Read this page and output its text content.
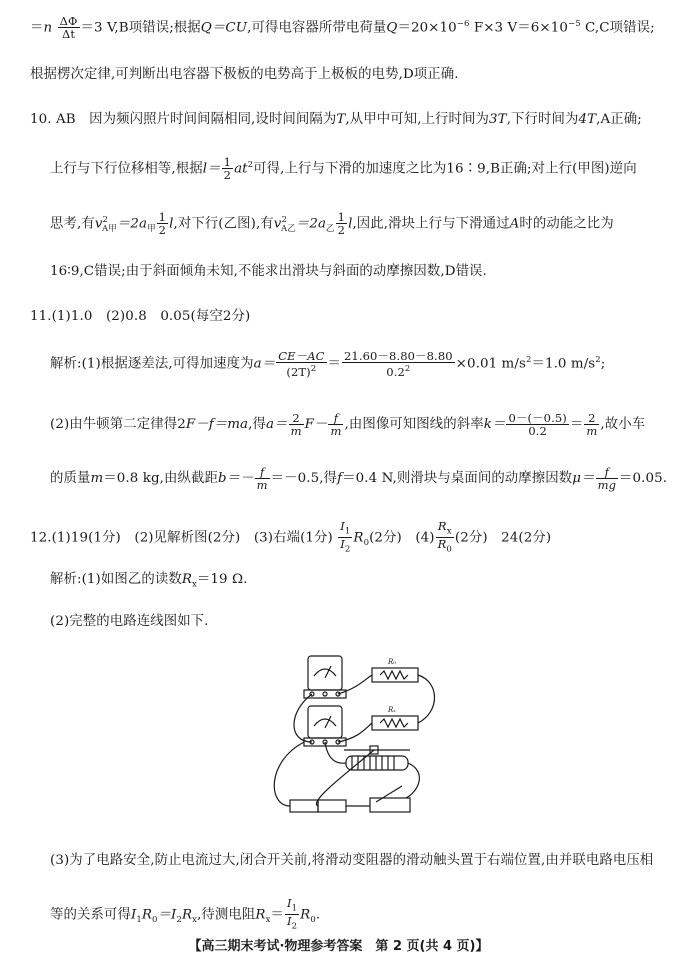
$=n \frac{\Delta\Phi}{\Delta t} =3$ V,B项错误;根据Q＝CU,可得电容器所带电荷量$Q=20\times 10^{-6}$ F×3 $V=6\times 10^{-5}$ C,C项错误;
根据楞次定律,可判断出电容器下极板的电势高于上极板的电势,D项正确.
10. AB　 因为频闪照片时间间隔相同,设时间间隔为T,从甲中可知,上行时间为3T,下行时间为4T,A正确;
上行与下行位移相等,根据$l= \frac{1}{2} at^2$可得,上行与下滑的加速度之比为16∶9,B正确;对上行(甲图)逆向
思考,有$v^2_{A甲}=2a_甲 \frac{1}{2} l$,对下行(乙图),有$v^2_{A乙}=2a_乙 \frac{1}{2} l$,因此,滑块上行与下滑通过A时的动能之比为
16∶9,C错误;由于斜面倾角未知,不能求出滑块与斜面的动摩擦因数,D错误.
11.(1)1.0　(2)0.8　0.05(每空2分)
解析:(1)根据逐差法,可得加速度为$a= \frac{CE-AC}{(2T)^2} = \frac{21.60-8.80-8.80}{0.2^2} \times 0.01$ $m/s^2=1.0$ $m/s^2$;
(2)由牛顿第二定律得2F－f＝ma,得$a= \frac{2}{m} F- \frac{f}{m}$ ,由图像可知图线的斜率$k= \frac{0-(-0.5)}{0.2} = \frac{2}{m}$ ,故小车
的质量m＝0.8 kg,由纵截距$b=- \frac{f}{m} =-0.5$,得f＝0.4 N,则滑块与桌面间的动摩擦因数$\mu= \frac{f}{mg} =0.05$.
12.(1)19(1分)　(2)见解析图(2分)　(3)右端(1分) $\frac{I_1}{I_2} R_0(2$分)　$(4) \frac{R_x}{R_0} (2$分)　24(2分)
解析:(1)如图乙的读数$R_x=19$ Ω.
(2)完整的电路连线图如下.
R₀
Rₓ
(3)为了电路安全,防止电流过大,闭合开关前,将滑动变阻器的滑动触头置于右端位置,由并联电路电压相
等的关系可得$I_1R_0=I_2R_x$,待测电阻$R_x= \frac{I_1}{I_2} R_0$.
【高三期末考试·物理参考答案　第 2 页(共 4 页)】
